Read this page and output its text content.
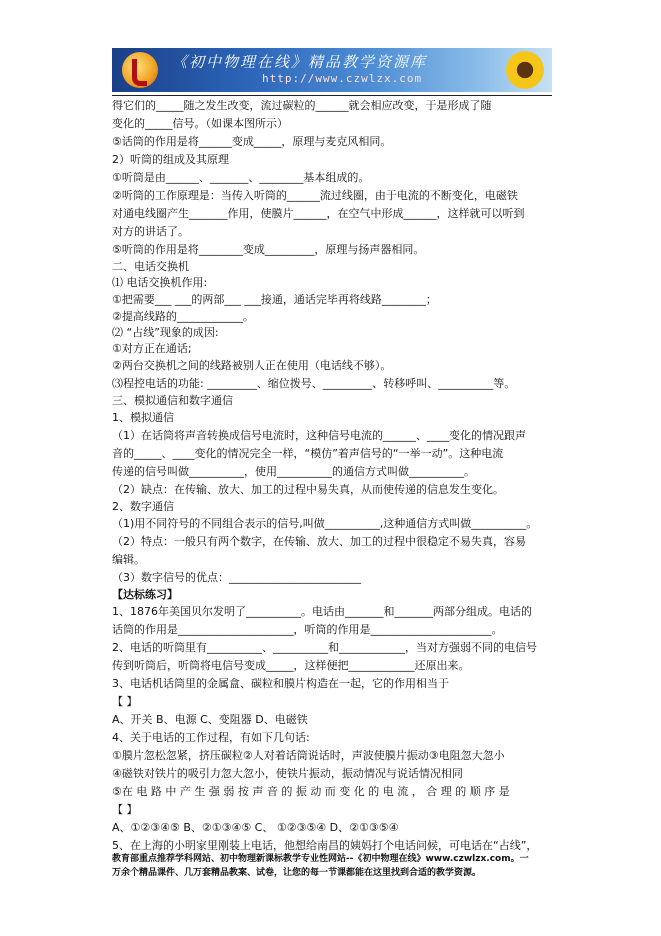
《初中物理在线》精品教学资源库
http://www.czwlzx.com
得它们的_____随之发生改变，流过碳粒的______就会相应改变，于是形成了随
变化的_____信号。（如课本图所示）
⑤话筒的作用是将______变成_____，原理与麦克风相同。
2）听筒的组成及其原理
①听筒是由______、_______、________基本组成的。
②听筒的工作原理是：当传入听筒的______流过线圈，由于电流的不断变化，电磁铁
对通电线圈产生_______作用，使膜片______，在空气中形成______，这样就可以听到
对方的讲话了。
⑤听筒的作用是将________变成_________，原理与扬声器相同。
二、电话交换机
⑴ 电话交换机作用:
①把需要___ ___的两部___ ___接通，通话完毕再将线路________；
②提高线路的____________。
⑵ “占线”现象的成因:
①对方正在通话;
②两台交换机之间的线路被别人正在使用（电话线不够）。
⑶程控电话的功能: _________、缩位拨号、_________、转移呼叫、__________等。
三、模拟通信和数字通信
1、模拟通信
（1）在话筒将声音转换成信号电流时，这种信号电流的______、____变化的情况跟声
音的_____、____变化的情况完全一样，“模仿”着声信号的“一举一动”。这种电流
传递的信号叫做__________，使用__________的通信方式叫做__________。
（2）缺点：在传输、放大、加工的过程中易失真，从而使传递的信息发生变化。
2、数字通信
（1)用不同符号的不同组合表示的信号,叫做__________,这种通信方式叫做__________。
（2）特点：一般只有两个数字，在传输、放大、加工的过程中很稳定不易失真，容易
编辑。
（3）数字信号的优点：________________________
【达标练习】
1、1876年美国贝尔发明了__________。电话由_______和_______两部分组成。电话的
话筒的作用是_____________________，听筒的作用是______________________。
2、电话的听筒里有__________、__________和____________，当对方强弱不同的电信号
传到听筒后，听筒将电信号变成_____，这样便把____________还原出来。
3、电话机话筒里的金属盒、碳粒和膜片构造在一起，它的作用相当于
【 】
A、开关 B、电源 C、变阻器 D、电磁铁
4、关于电话的工作过程，有如下几句话:
①膜片忽松忽紧，挤压碳粒②人对着话筒说话时，声波使膜片振动③电阻忽大忽小
④磁铁对铁片的吸引力忽大忽小，使铁片振动，振动情况与说话情况相同
⑤在 电 路 中 产 生 强 弱 按 声 音 的 振 动 而 变 化 的 电 流 ， 合 理 的 顺 序 是
【 】
A、①②③④⑤ B、②①③④⑤ C、 ①②③⑤④ D、②①③⑤④
5、在上海的小明家里刚装上电话，他想给南昌的姨妈打个电话问候，可电话在“占线”，
教育部重点推荐学科网站、初中物理新课标教学专业性网站--《初中物理在线》www.czwlzx.com。一
万余个精品课件、几万套精品教案、试卷，让您的每一节课都能在这里找到合适的教学资源。
